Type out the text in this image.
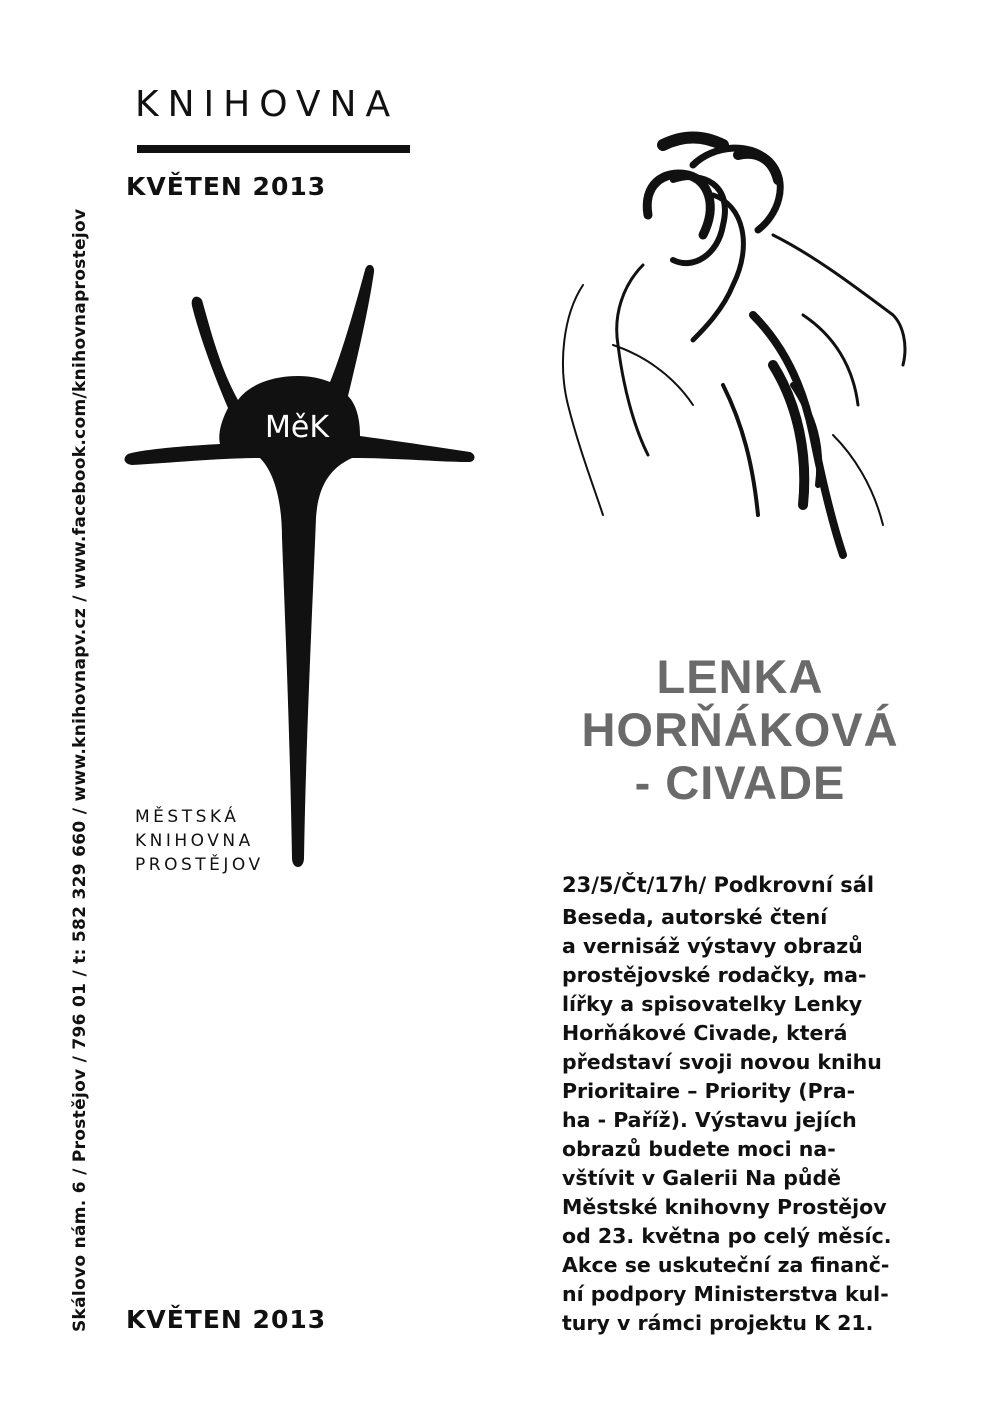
KNIHOVNA
KVĚTEN 2013
Skálovo nám. 6 / Prostějov / 796 01 / t: 582 329 660 / www.knihovnapv.cz / www.facebook.com/knihovnaprostejov	MěK
MĚSTSKÁ
KNIHOVNA
PROSTĚJOV
KVĚTEN 2013
LENKA
HORŇÁKOVÁ
- CIVADE
23/5/Čt/17h/ Podkrovní sál
Beseda, autorské čtení
a vernisáž výstavy obrazů
prostějovské rodačky, ma-
lířky a spisovatelky Lenky
Horňákové Civade, která
představí svoji novou knihu
Prioritaire – Priority (Pra-
ha - Paříž). Výstavu jejích
obrazů budete moci na-
vštívit v Galerii Na půdě
Městské knihovny Prostějov
od 23. května po celý měsíc.
Akce se uskuteční za finanč-
ní podpory Ministerstva kul-
tury v rámci projektu K 21.
